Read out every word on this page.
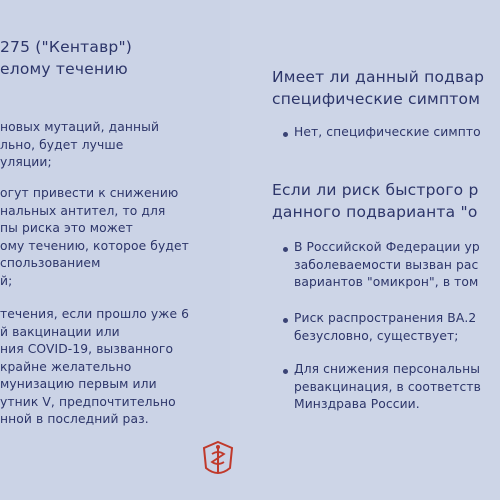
275 ("Кентавр")
елому течению
новых мутаций, данный
льно, будет лучше
уляции;
огут привести к снижению
нальных антител, то для
пы риска это может
ому течению, которое будет
спользованием
й;
течения, если прошло уже 6
й вакцинации или
ния COVID-19, вызванного
крайне желательно
мунизацию первым или
утник V, предпочтительно
нной в последний раз.
Имеет ли данный подвар
специфические симптом
Нет, специфические симпто
Если ли риск быстрого р
данного подварианта "о
В Российской Федерации ур
заболеваемости вызван рас
вариантов "омикрон", в том
Риск распространения ВА.2
безусловно, существует;
Для снижения персональны
ревакцинация, в соответств
Минздрава России.
